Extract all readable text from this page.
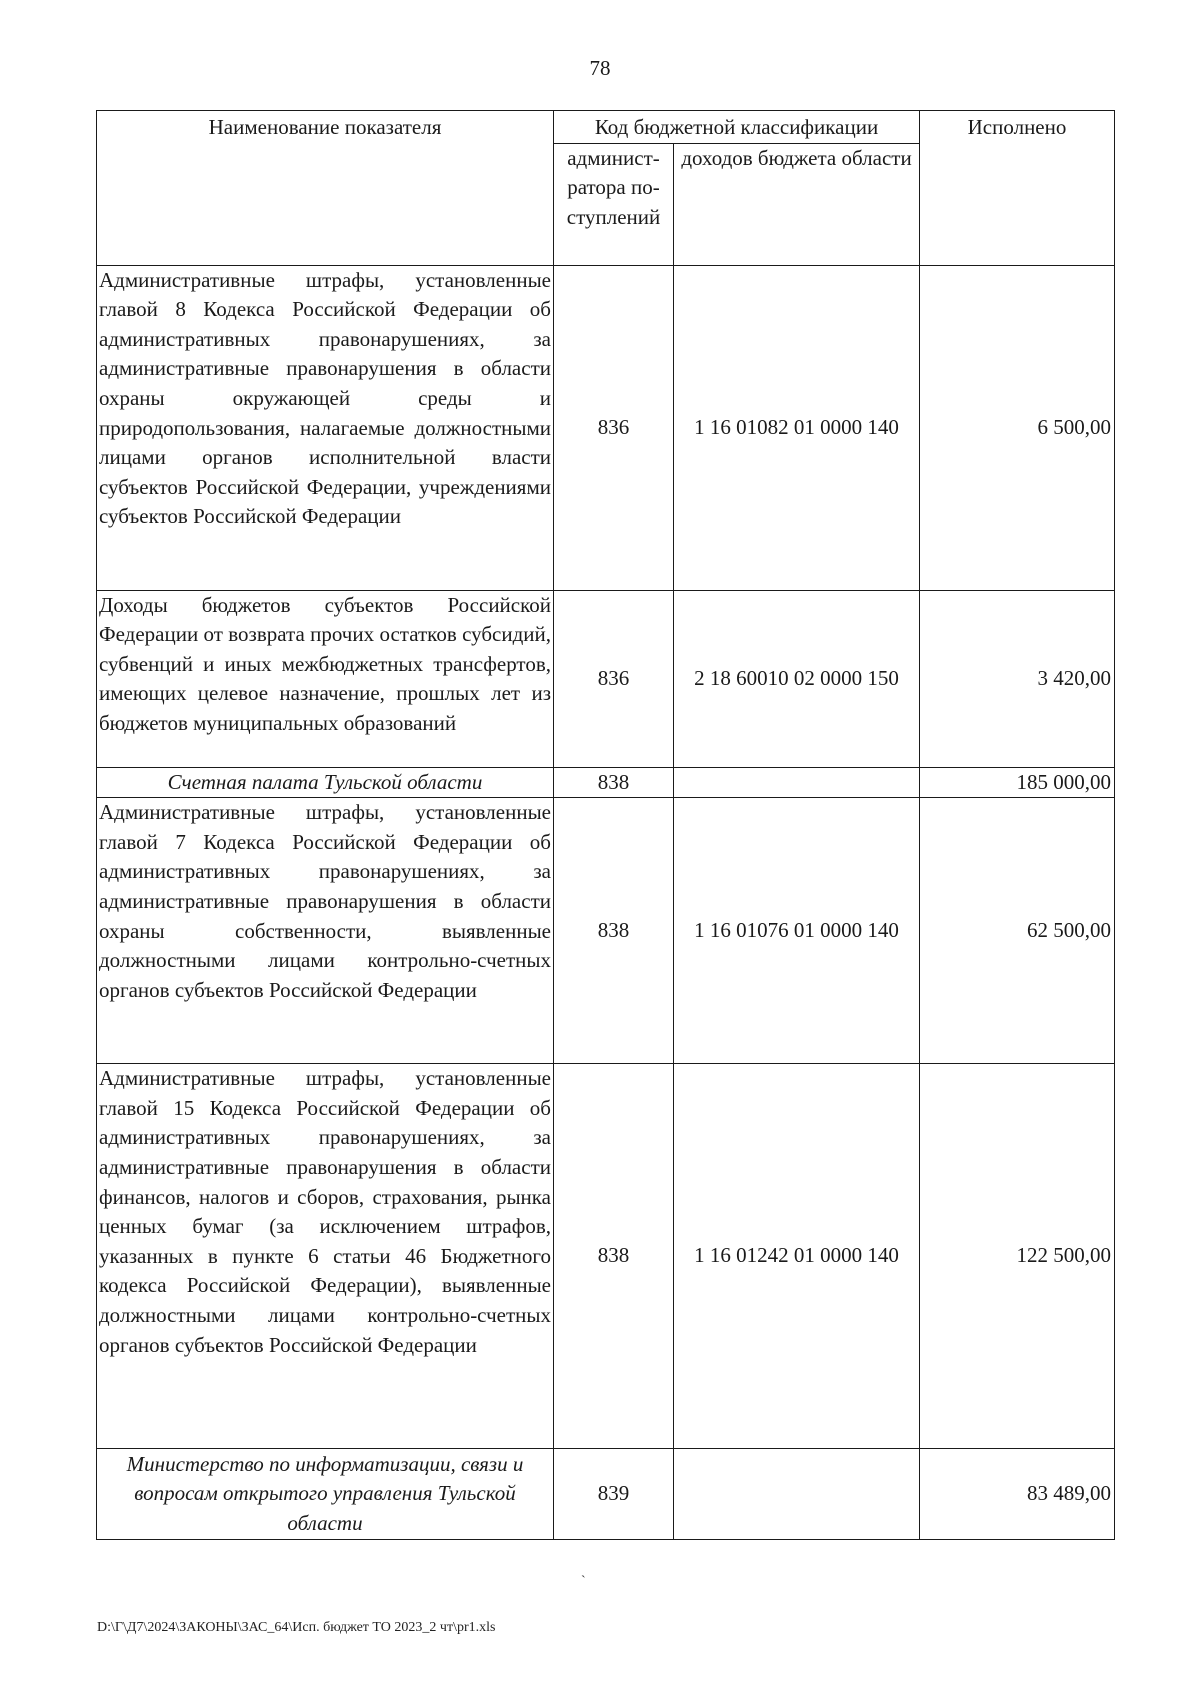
78
Наименование показателя	Код бюджетной классификации		Исполнено
	админист-ратора по-ступлений	доходов бюджета области	
Административные штрафы, установленные главой 8 Кодекса Российской Федерации об административных правонарушениях, за административные правонарушения в области охраны окружающей среды и природопользования, налагаемые должностными лицами органов исполнительной власти субъектов Российской Федерации, учреждениями субъектов Российской Федерации	836	1 16 01082 01 0000 140	6 500,00
Доходы бюджетов субъектов Российской Федерации от возврата прочих остатков субсидий, субвенций и иных межбюджетных трансфертов, имеющих целевое назначение, прошлых лет из бюджетов муниципальных образований	836	2 18 60010 02 0000 150	3 420,00
Счетная палата Тульской области	838		185 000,00
Административные штрафы, установленные главой 7 Кодекса Российской Федерации об административных правонарушениях, за административные правонарушения в области охраны собственности, выявленные должностными лицами контрольно-счетных органов субъектов Российской Федерации	838	1 16 01076 01 0000 140	62 500,00
Административные штрафы, установленные главой 15 Кодекса Российской Федерации об административных правонарушениях, за административные правонарушения в области финансов, налогов и сборов, страхования, рынка ценных бумаг (за исключением штрафов, указанных в пункте 6 статьи 46 Бюджетного кодекса Российской Федерации), выявленные должностными лицами контрольно-счетных органов субъектов Российской Федерации	838	1 16 01242 01 0000 140	122 500,00
Министерство по информатизации, связи и вопросам открытого управления Тульской области	839		83 489,00
`
D:\Г\Д7\2024\ЗАКОНЫ\ЗАС_64\Исп. бюджет ТО 2023_2 чт\pr1.xls
